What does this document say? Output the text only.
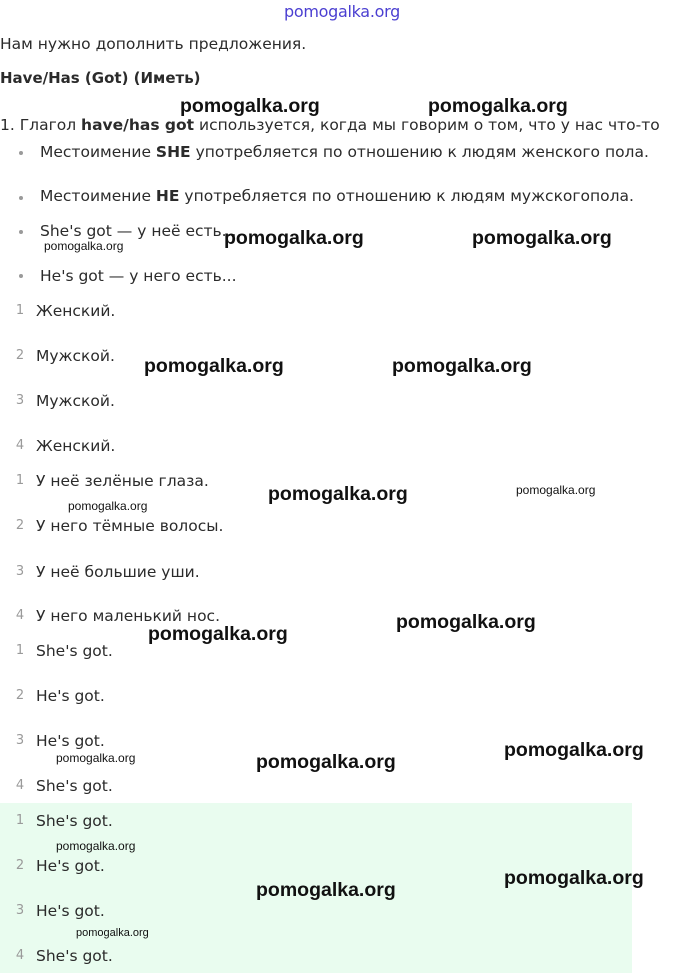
pomogalka.org
Нам нужно дополнить предложения.
Have/Has (Got) (Иметь)
1. Глагол have/has got используется, когда мы говорим о том, что у нас что-то
Местоимение SHE употребляется по отношению к людям женского пола.
Местоимение HE употребляется по отношению к людям мужскогопола.
She's got — у неё есть...
He's got — у него есть...
1 Женский.
2 Мужской.
3 Мужской.
4 Женский.
1 У неё зелёные глаза.
2 У него тёмные волосы.
3 У неё большие уши.
4 У него маленький нос.
1 She's got.
2 He's got.
3 He's got.
4 She's got.
1 She's got.
2 He's got.
3 He's got.
4 She's got.
pomogalka.org	pomogalka.org
pomogalka.org	pomogalka.org	pomogalka.org
pomogalka.org	pomogalka.org
pomogalka.org
pomogalka.org	pomogalka.org
pomogalka.org
pomogalka.org
pomogalka.org	pomogalka.org
pomogalka.org
pomogalka.org
pomogalka.org
pomogalka.org
pomogalka.org
